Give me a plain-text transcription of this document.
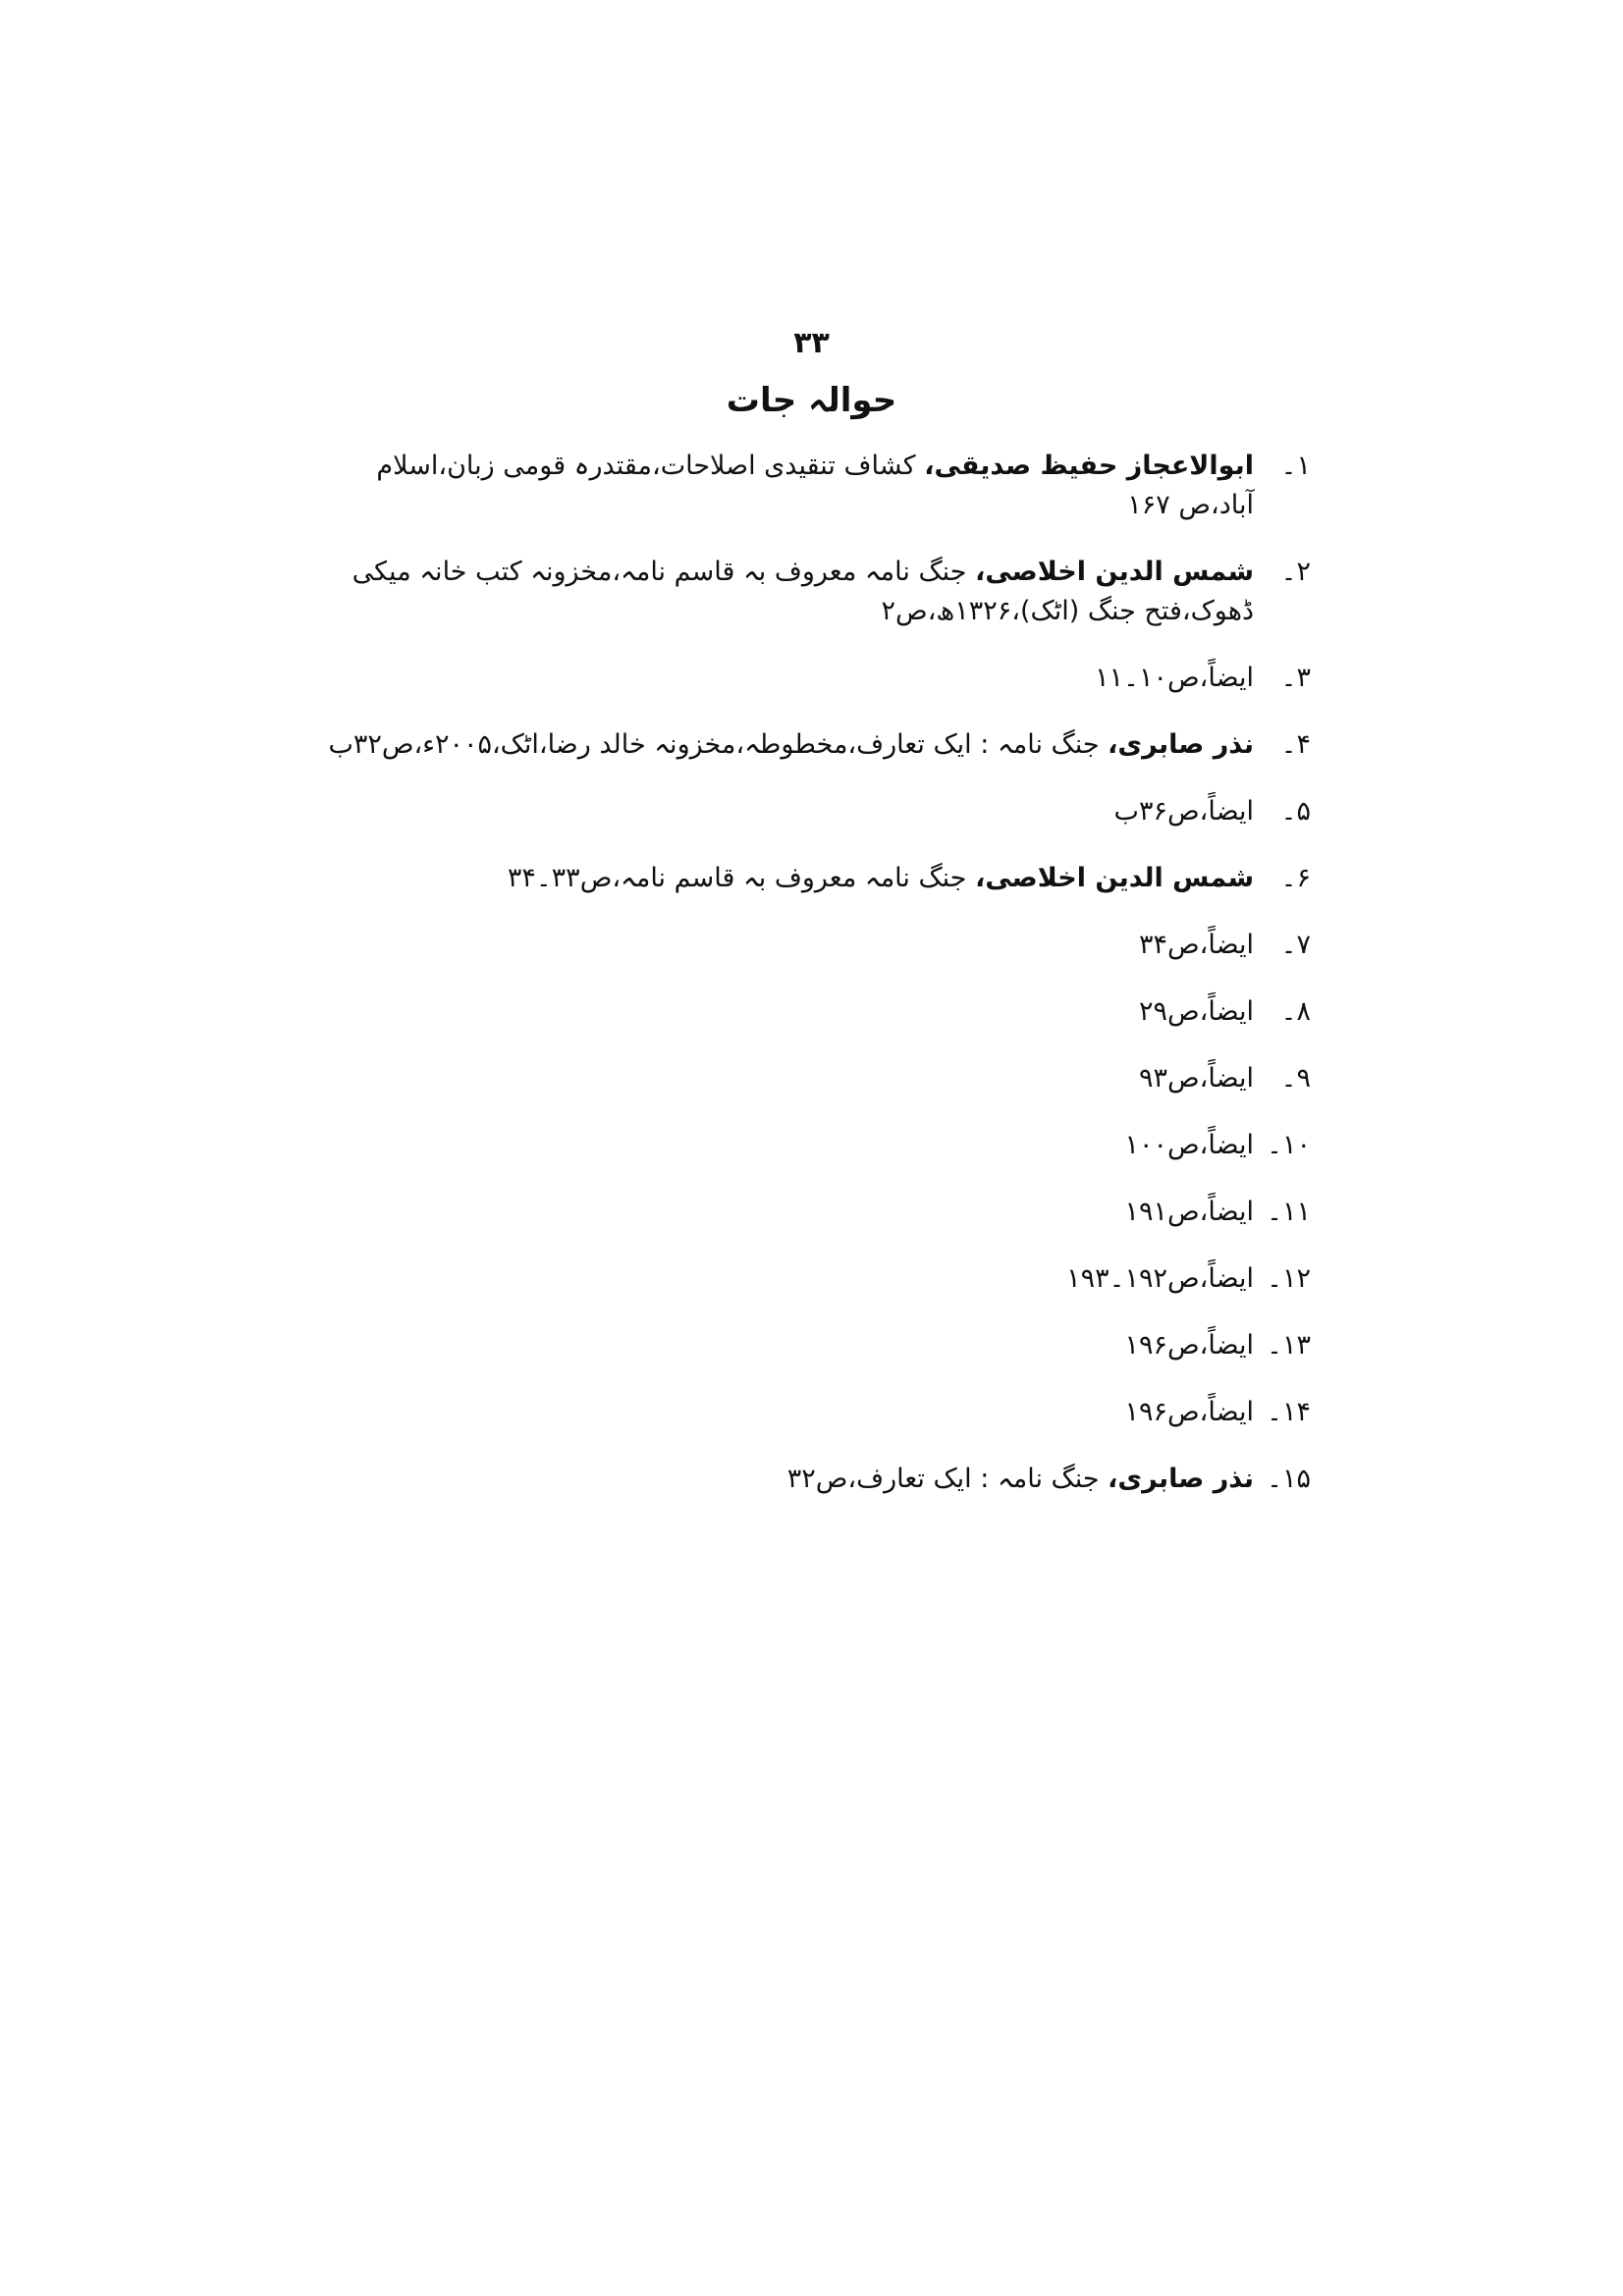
۳۳
حوالہ جات
۱۔
ابوالاعجاز حفیظ صدیقی، کشاف تنقیدی اصلاحات،مقتدرہ قومی زبان،اسلام آباد،ص ۱۶۷
۲۔
شمس الدین اخلاصی، جنگ نامہ معروف بہ قاسم نامہ،مخزونہ کتب خانہ میکی ڈھوک،فتح جنگ (اٹک)،۱۳۲۶ھ،ص۲
۳۔
ایضاً،ص۱۰۔۱۱
۴۔
نذر صابری، جنگ نامہ : ایک تعارف،مخطوطہ،مخزونہ خالد رضا،اٹک،۲۰۰۵ء،ص۳۲ب
۵۔
ایضاً،ص۳۶ب
۶۔
شمس الدین اخلاصی، جنگ نامہ معروف بہ قاسم نامہ،ص۳۳۔۳۴
۷۔
ایضاً،ص۳۴
۸۔
ایضاً،ص۲۹
۹۔
ایضاً،ص۹۳
۱۰۔
ایضاً،ص۱۰۰
۱۱۔
ایضاً،ص۱۹۱
۱۲۔
ایضاً،ص۱۹۲۔۱۹۳
۱۳۔
ایضاً،ص۱۹۶
۱۴۔
ایضاً،ص۱۹۶
۱۵۔
نذر صابری، جنگ نامہ : ایک تعارف،ص۳۲
